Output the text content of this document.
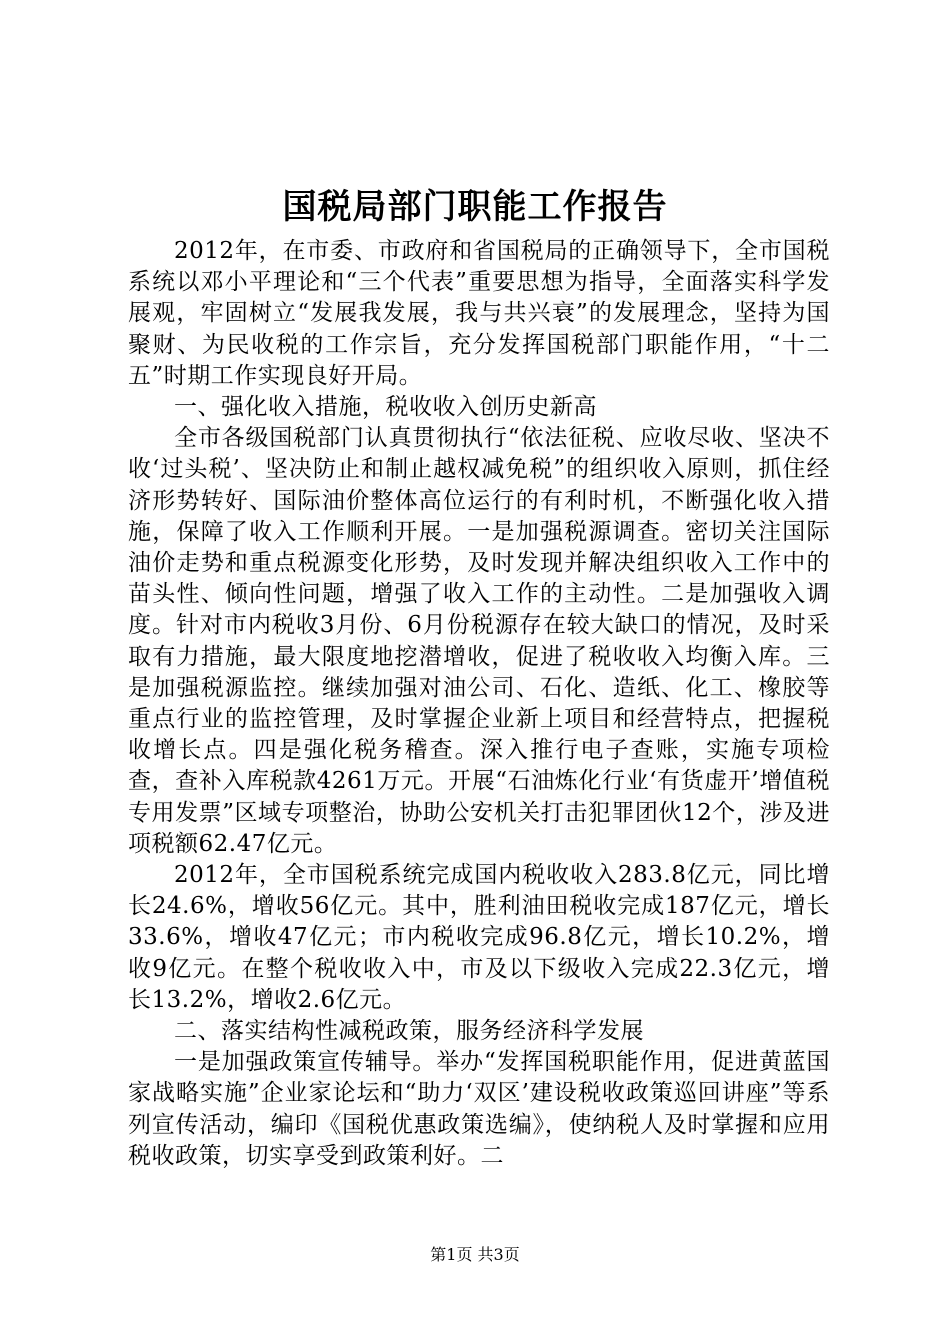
国税局部门职能工作报告

2012年，在市委、市政府和省国税局的正确领导下，全市国税系统以邓小平理论和“三个代表”重要思想为指导，全面落实科学发展观，牢固树立“发展我发展，我与共兴衰”的发展理念，坚持为国聚财、为民收税的工作宗旨，充分发挥国税部门职能作用，“十二五”时期工作实现良好开局。

一、强化收入措施，税收收入创历史新高

全市各级国税部门认真贯彻执行“依法征税、应收尽收、坚决不收‘过头税’、坚决防止和制止越权减免税”的组织收入原则，抓住经济形势转好、国际油价整体高位运行的有利时机，不断强化收入措施，保障了收入工作顺利开展。一是加强税源调查。密切关注国际油价走势和重点税源变化形势，及时发现并解决组织收入工作中的苗头性、倾向性问题，增强了收入工作的主动性。二是加强收入调度。针对市内税收3月份、6月份税源存在较大缺口的情况，及时采取有力措施，最大限度地挖潜增收，促进了税收收入均衡入库。三是加强税源监控。继续加强对油公司、石化、造纸、化工、橡胶等重点行业的监控管理，及时掌握企业新上项目和经营特点，把握税收增长点。四是强化税务稽查。深入推行电子查账，实施专项检查，查补入库税款4261万元。开展“石油炼化行业‘有货虚开’增值税专用发票”区域专项整治，协助公安机关打击犯罪团伙12个，涉及进项税额62.47亿元。

2012年，全市国税系统完成国内税收收入283.8亿元，同比增长24.6%，增收56亿元。其中，胜利油田税收完成187亿元，增长33.6%，增收47亿元；市内税收完成96.8亿元，增长10.2%，增收9亿元。在整个税收收入中，市及以下级收入完成22.3亿元，增长13.2%，增收2.6亿元。

二、落实结构性减税政策，服务经济科学发展

一是加强政策宣传辅导。举办“发挥国税职能作用，促进黄蓝国家战略实施”企业家论坛和“助力‘双区’建设税收政策巡回讲座”等系列宣传活动，编印《国税优惠政策选编》，使纳税人及时掌握和应用税收政策，切实享受到政策利好。二

第1页 共3页
